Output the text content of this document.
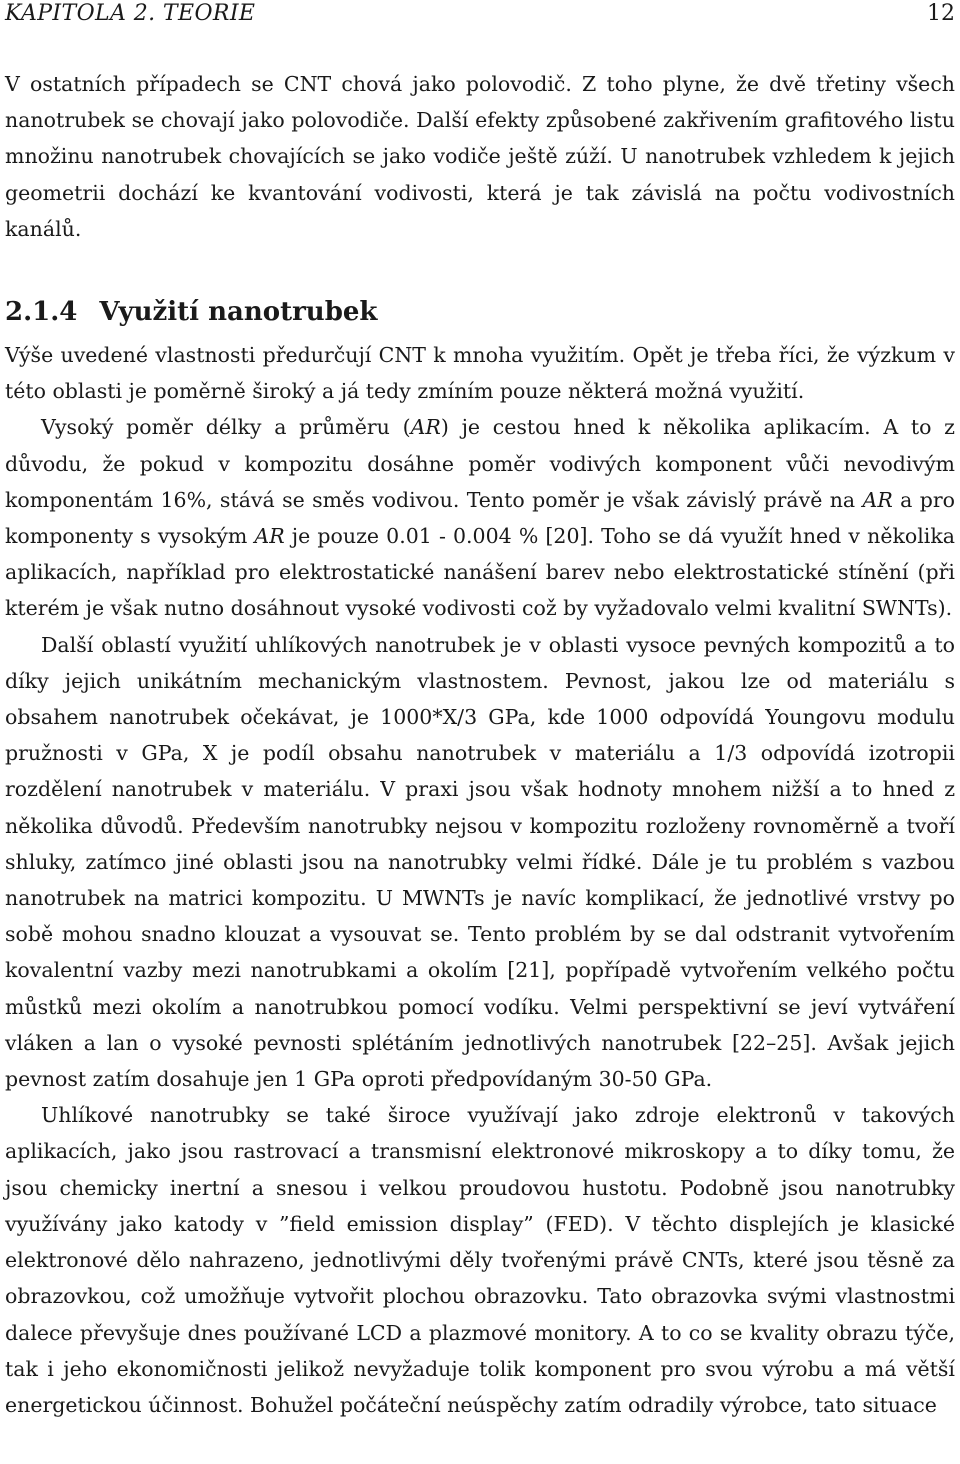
KAPITOLA 2. TEORIE	12

V ostatních případech se CNT chová jako polovodič. Z toho plyne, že dvě třetiny všech nanotrubek se chovají jako polovodiče. Další efekty způsobené zakřivením grafitového listu množinu nanotrubek chovajících se jako vodiče ještě zúží. U nanotrubek vzhledem k jejich geometrii dochází ke kvantování vodivosti, která je tak závislá na počtu vodivostních kanálů.

2.1.4 Využití nanotrubek

Výše uvedené vlastnosti předurčují CNT k mnoha využitím. Opět je třeba říci, že výzkum v této oblasti je poměrně široký a já tedy zmíním pouze některá možná využití.

Vysoký poměr délky a průměru (AR) je cestou hned k několika aplikacím. A to z důvodu, že pokud v kompozitu dosáhne poměr vodivých komponent vůči nevodivým komponentám 16%, stává se směs vodivou. Tento poměr je však závislý právě na AR a pro komponenty s vysokým AR je pouze 0.01 - 0.004 % [20]. Toho se dá využít hned v několika aplikacích, například pro elektrostatické nanášení barev nebo elektrostatické stínění (při kterém je však nutno dosáhnout vysoké vodivosti což by vyžadovalo velmi kvalitní SWNTs).

Další oblastí využití uhlíkových nanotrubek je v oblasti vysoce pevných kompozitů a to díky jejich unikátním mechanickým vlastnostem. Pevnost, jakou lze od materiálu s obsahem nanotrubek očekávat, je 1000*X/3 GPa, kde 1000 odpovídá Youngovu modulu pružnosti v GPa, X je podíl obsahu nanotrubek v materiálu a 1/3 odpovídá izotropii rozdělení nanotrubek v materiálu. V praxi jsou však hodnoty mnohem nižší a to hned z několika důvodů. Především nanotrubky nejsou v kompozitu rozloženy rovnoměrně a tvoří shluky, zatímco jiné oblasti jsou na nanotrubky velmi řídké. Dále je tu problém s vazbou nanotrubek na matrici kompozitu. U MWNTs je navíc komplikací, že jednotlivé vrstvy po sobě mohou snadno klouzat a vysouvat se. Tento problém by se dal odstranit vytvořením kovalentní vazby mezi nanotrubkami a okolím [21], popřípadě vytvořením velkého počtu můstků mezi okolím a nanotrubkou pomocí vodíku. Velmi perspektivní se jeví vytváření vláken a lan o vysoké pevnosti splétáním jednotlivých nanotrubek [22–25]. Avšak jejich pevnost zatím dosahuje jen 1 GPa oproti předpovídaným 30-50 GPa.

Uhlíkové nanotrubky se také široce využívají jako zdroje elektronů v takových aplikacích, jako jsou rastrovací a transmisní elektronové mikroskopy a to díky tomu, že jsou chemicky inertní a snesou i velkou proudovou hustotu. Podobně jsou nanotrubky využívány jako katody v ”field emission display” (FED). V těchto displejích je klasické elektronové dělo nahrazeno, jednotlivými děly tvořenými právě CNTs, které jsou těsně za obrazovkou, což umožňuje vytvořit plochou obrazovku. Tato obrazovka svými vlastnostmi dalece převyšuje dnes používané LCD a plazmové monitory. A to co se kvality obrazu týče, tak i jeho ekonomičnosti jelikož nevyžaduje tolik komponent pro svou výrobu a má větší energetickou účinnost. Bohužel počáteční neúspěchy zatím odradily výrobce, tato situace
